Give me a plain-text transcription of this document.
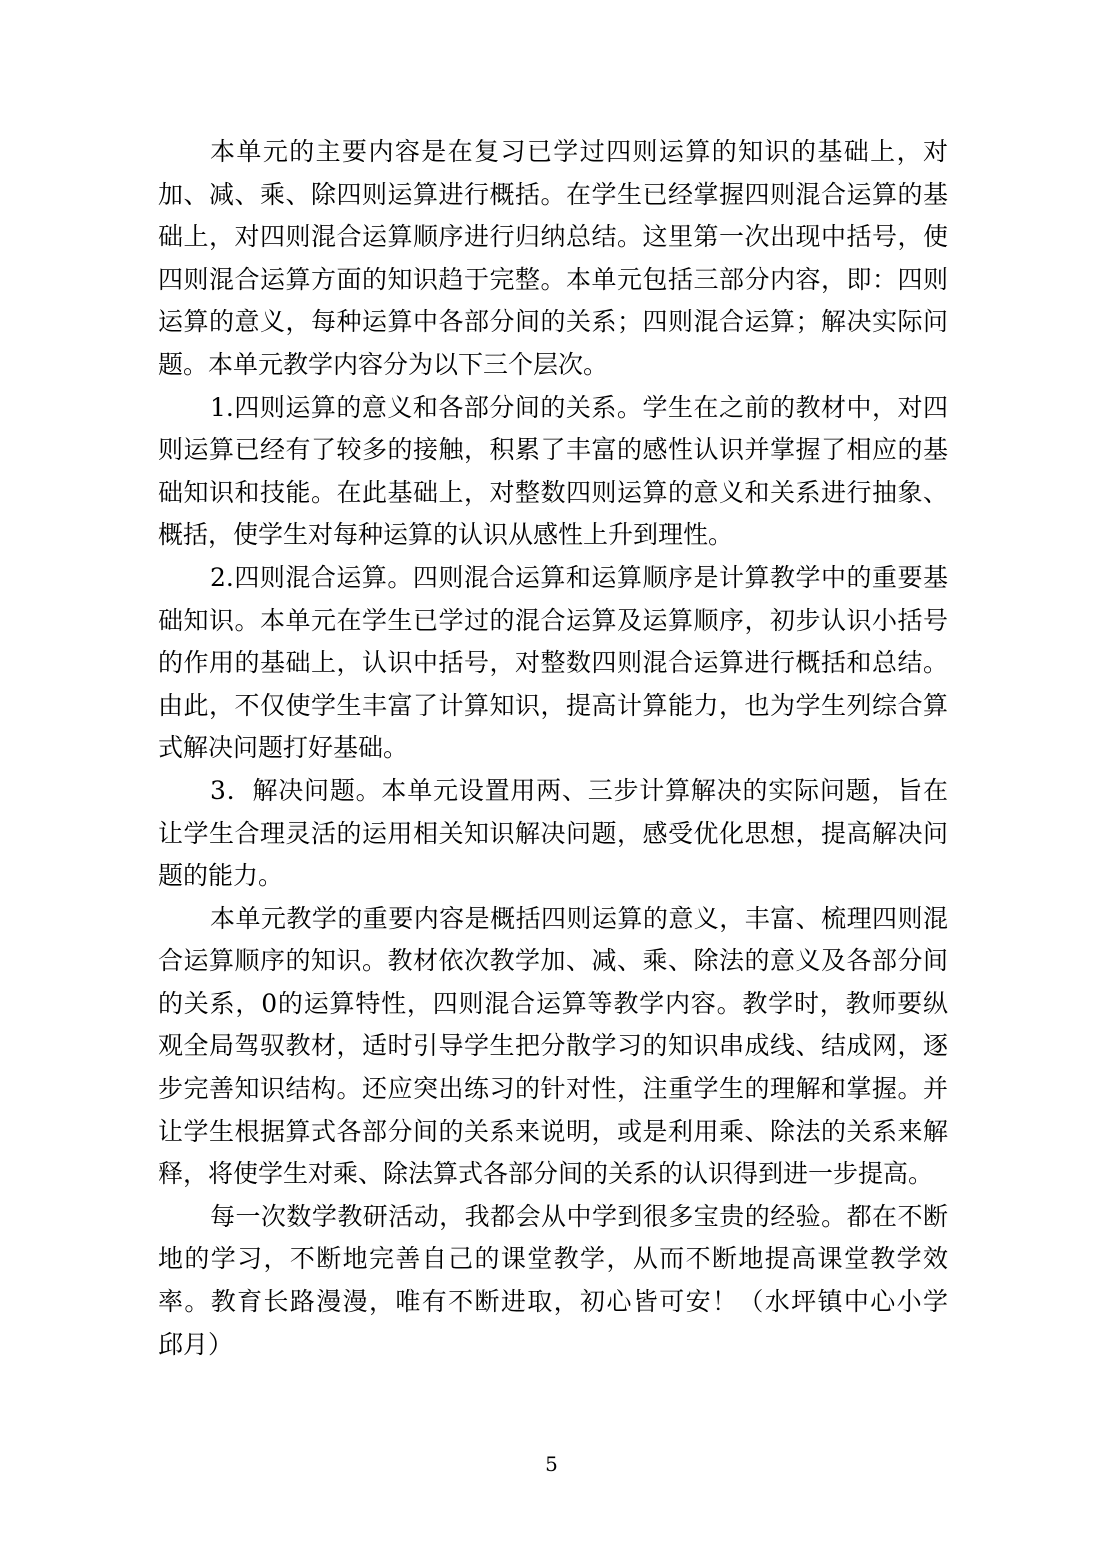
本单元的主要内容是在复习已学过四则运算的知识的基础上，对加、减、乘、除四则运算进行概括。在学生已经掌握四则混合运算的基础上，对四则混合运算顺序进行归纳总结。这里第一次出现中括号，使四则混合运算方面的知识趋于完整。本单元包括三部分内容，即：四则运算的意义，每种运算中各部分间的关系；四则混合运算；解决实际问题。本单元教学内容分为以下三个层次。

1.四则运算的意义和各部分间的关系。学生在之前的教材中，对四则运算已经有了较多的接触，积累了丰富的感性认识并掌握了相应的基础知识和技能。在此基础上，对整数四则运算的意义和关系进行抽象、概括，使学生对每种运算的认识从感性上升到理性。

2.四则混合运算。四则混合运算和运算顺序是计算教学中的重要基础知识。本单元在学生已学过的混合运算及运算顺序，初步认识小括号的作用的基础上，认识中括号，对整数四则混合运算进行概括和总结。由此，不仅使学生丰富了计算知识，提高计算能力，也为学生列综合算式解决问题打好基础。

3．解决问题。本单元设置用两、三步计算解决的实际问题，旨在让学生合理灵活的运用相关知识解决问题，感受优化思想，提高解决问题的能力。

本单元教学的重要内容是概括四则运算的意义，丰富、梳理四则混合运算顺序的知识。教材依次教学加、减、乘、除法的意义及各部分间的关系，0的运算特性，四则混合运算等教学内容。教学时，教师要纵观全局驾驭教材，适时引导学生把分散学习的知识串成线、结成网，逐步完善知识结构。还应突出练习的针对性，注重学生的理解和掌握。并让学生根据算式各部分间的关系来说明，或是利用乘、除法的关系来解释，将使学生对乘、除法算式各部分间的关系的认识得到进一步提高。

每一次数学教研活动，我都会从中学到很多宝贵的经验。都在不断地的学习，不断地完善自己的课堂教学，从而不断地提高课堂教学效率。教育长路漫漫，唯有不断进取，初心皆可安！（水坪镇中心小学　邱月）

5
